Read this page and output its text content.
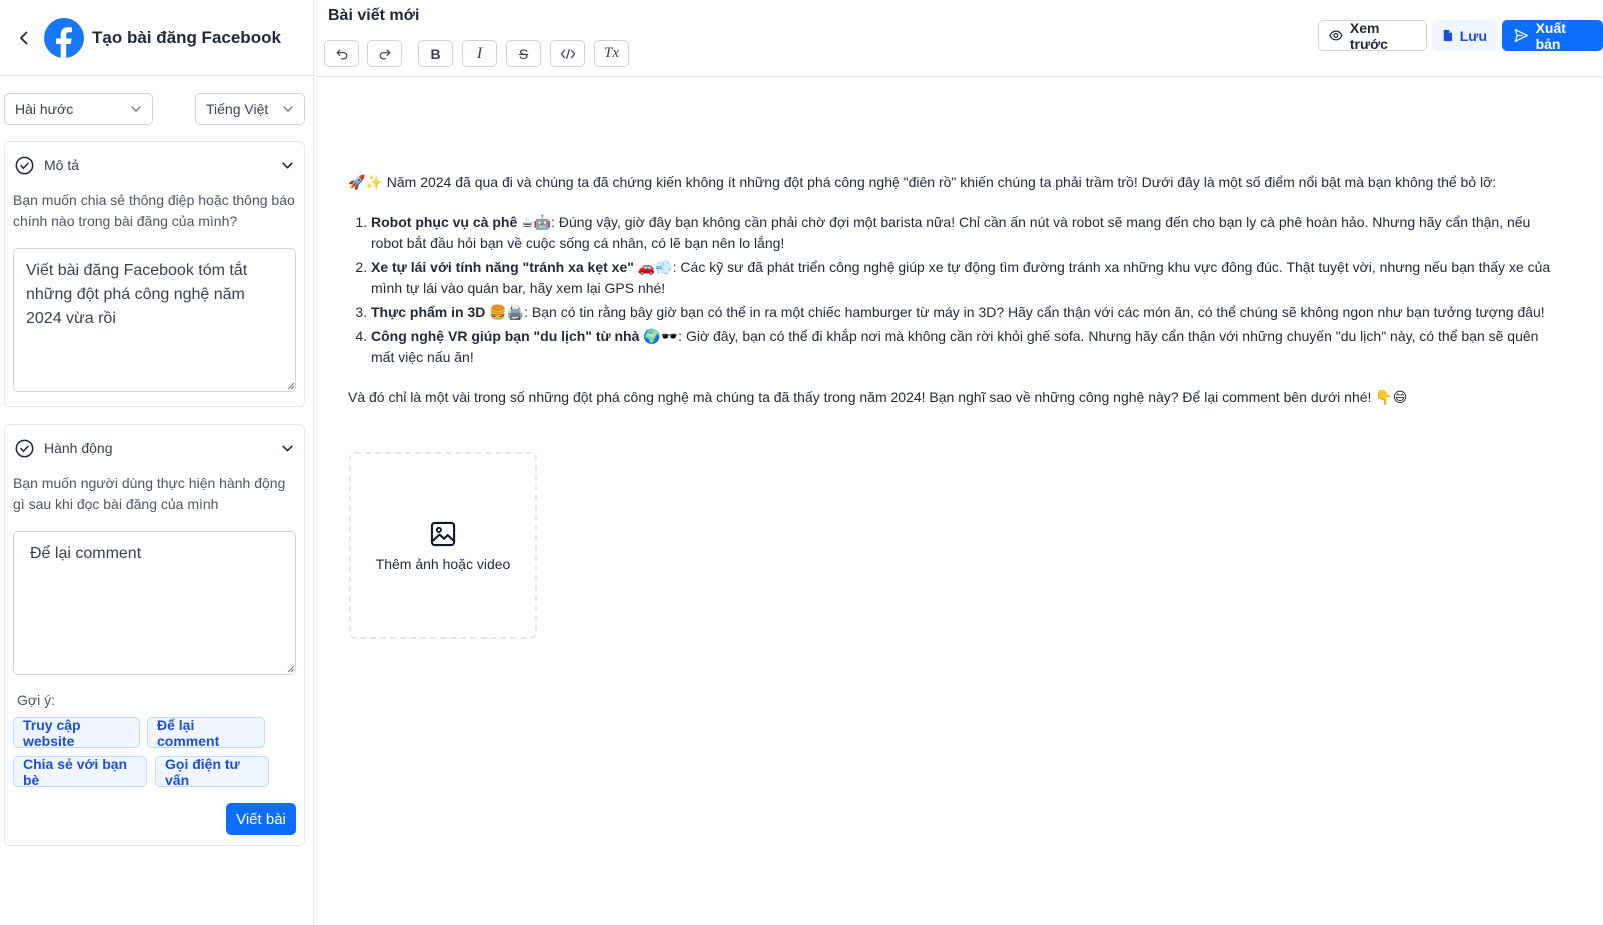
Tạo bài đăng Facebook
Hài hước	Tiếng Việt
Mô tả
Bạn muốn chia sẻ thông điệp hoặc thông báo chính nào trong bài đăng của mình?
Viết bài đăng Facebook tóm tắt những đột phá công nghệ năm 2024 vừa rồi
Hành động
Bạn muốn người dùng thực hiện hành động gì sau khi đọc bài đăng của mình
Để lại comment
Gợi ý:
Truy cập website
Để lại comment
Chia sẻ với bạn bè
Gọi điện tư vấn
Viết bài
Bài viết mới
B I	S	Tx
Xem trước	Lưu	Xuất bản

🚀✨ Năm 2024 đã qua đi và chúng ta đã chứng kiến không ít những đột phá công nghệ "điên rồ" khiến chúng ta phải trầm trồ! Dưới đây là một số điểm nổi bật mà bạn không thể bỏ lỡ:

1. Robot phục vụ cà phê ☕🤖: Đúng vậy, giờ đây bạn không cần phải chờ đợi một barista nữa! Chỉ cần ấn nút và robot sẽ mang đến cho bạn ly cà phê hoàn hảo. Nhưng hãy cẩn thận, nếu robot bắt đầu hỏi bạn về cuộc sống cá nhân, có lẽ bạn nên lo lắng!
2. Xe tự lái với tính năng "tránh xa kẹt xe" 🚗💨: Các kỹ sư đã phát triển công nghệ giúp xe tự động tìm đường tránh xa những khu vực đông đúc. Thật tuyệt vời, nhưng nếu bạn thấy xe của mình tự lái vào quán bar, hãy xem lại GPS nhé!
3. Thực phẩm in 3D 🍔🖨️: Bạn có tin rằng bây giờ bạn có thể in ra một chiếc hamburger từ máy in 3D? Hãy cẩn thận với các món ăn, có thể chúng sẽ không ngon như bạn tưởng tượng đâu!
4. Công nghệ VR giúp bạn "du lịch" từ nhà 🌍🕶️: Giờ đây, bạn có thể đi khắp nơi mà không cần rời khỏi ghế sofa. Nhưng hãy cẩn thận với những chuyến "du lịch" này, có thể bạn sẽ quên mất việc nấu ăn!

Và đó chỉ là một vài trong số những đột phá công nghệ mà chúng ta đã thấy trong năm 2024! Bạn nghĩ sao về những công nghệ này? Để lại comment bên dưới nhé! 👇😄

Thêm ảnh hoặc video
